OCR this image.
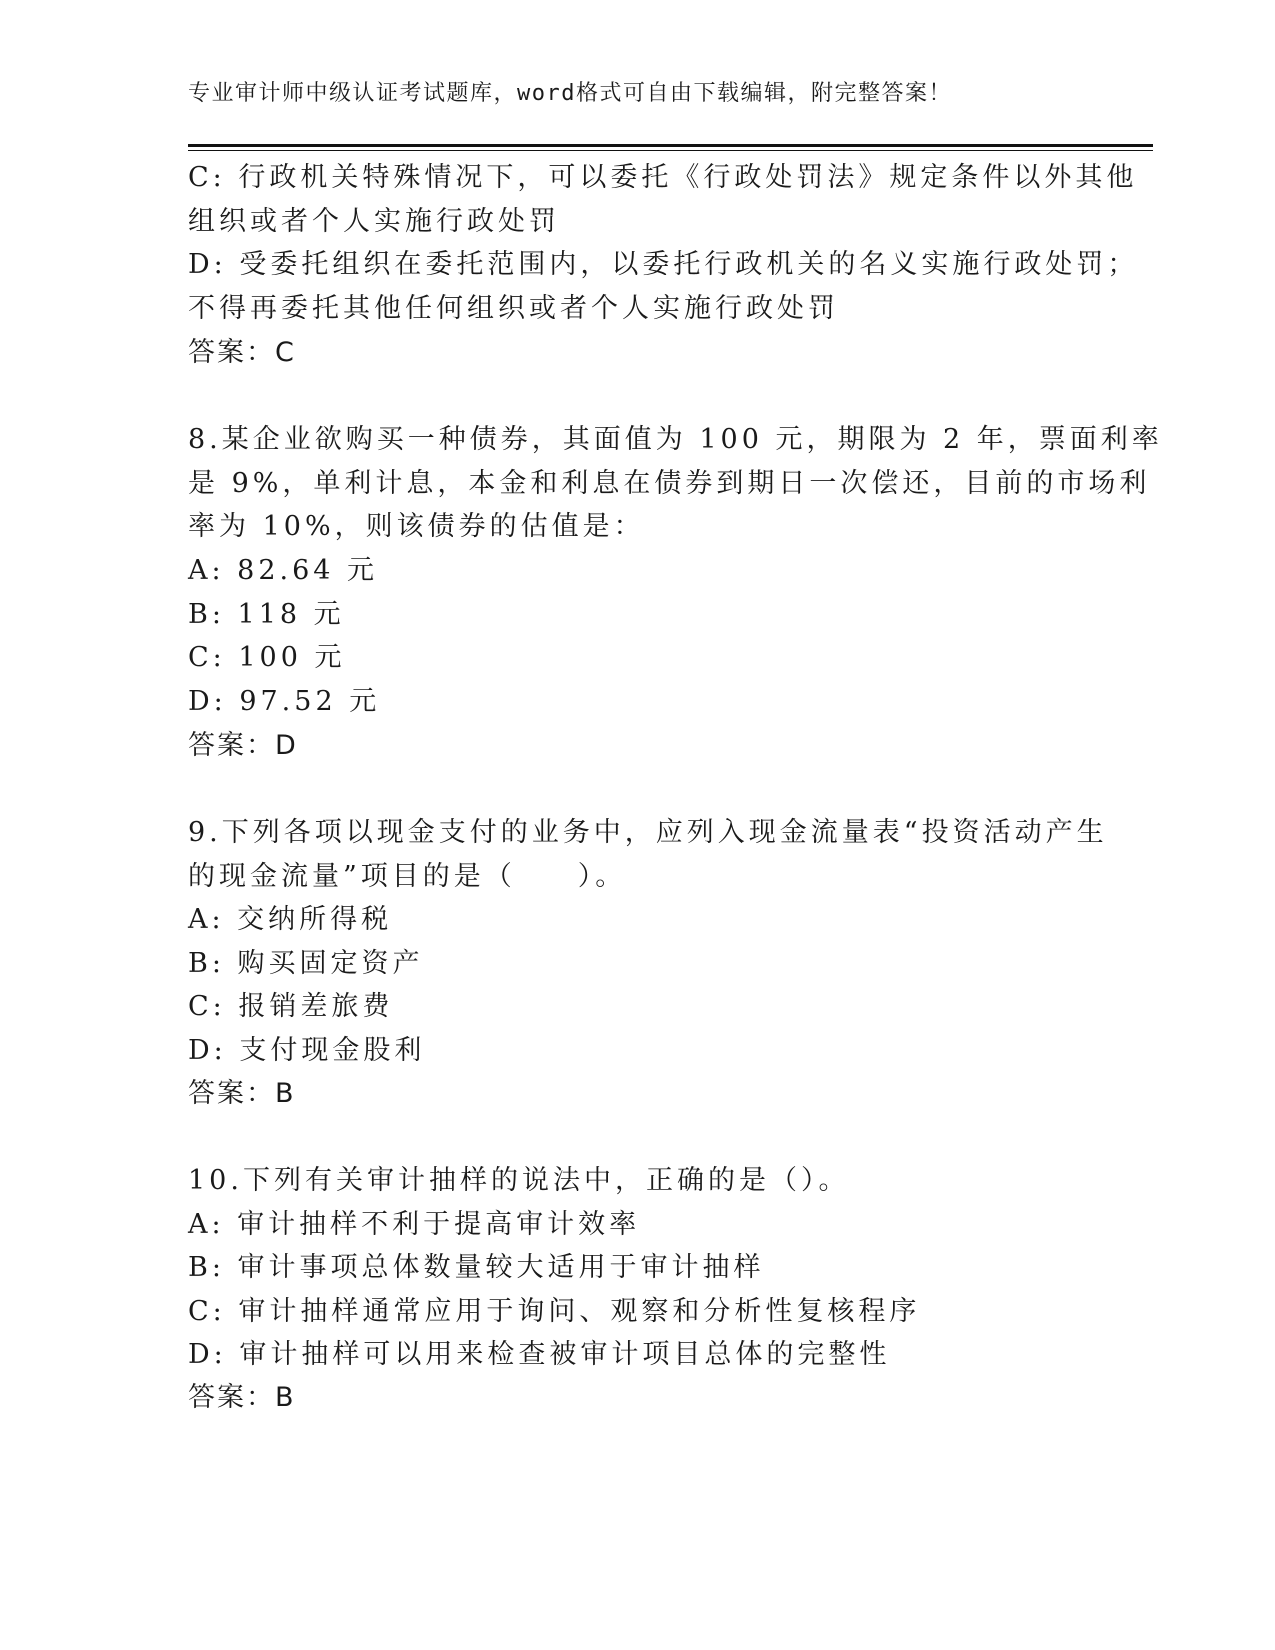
专业审计师中级认证考试题库，word格式可自由下载编辑，附完整答案！
C: 行政机关特殊情况下，可以委托《行政处罚法》规定条件以外其他
组织或者个人实施行政处罚
D: 受委托组织在委托范围内，以委托行政机关的名义实施行政处罚；
不得再委托其他任何组织或者个人实施行政处罚
答案：C
8.某企业欲购买一种债券，其面值为 100 元，期限为 2 年，票面利率
是 9%，单利计息，本金和利息在债券到期日一次偿还，目前的市场利
率为 10%，则该债券的估值是：
A: 82.64 元
B: 118 元
C: 100 元
D: 97.52 元
答案：D
9.下列各项以现金支付的业务中，应列入现金流量表“投资活动产生
的现金流量”项目的是（　　）。
A: 交纳所得税
B: 购买固定资产
C: 报销差旅费
D: 支付现金股利
答案：B
10.下列有关审计抽样的说法中，正确的是（）。
A: 审计抽样不利于提高审计效率
B: 审计事项总体数量较大适用于审计抽样
C: 审计抽样通常应用于询问、观察和分析性复核程序
D: 审计抽样可以用来检查被审计项目总体的完整性
答案：B
